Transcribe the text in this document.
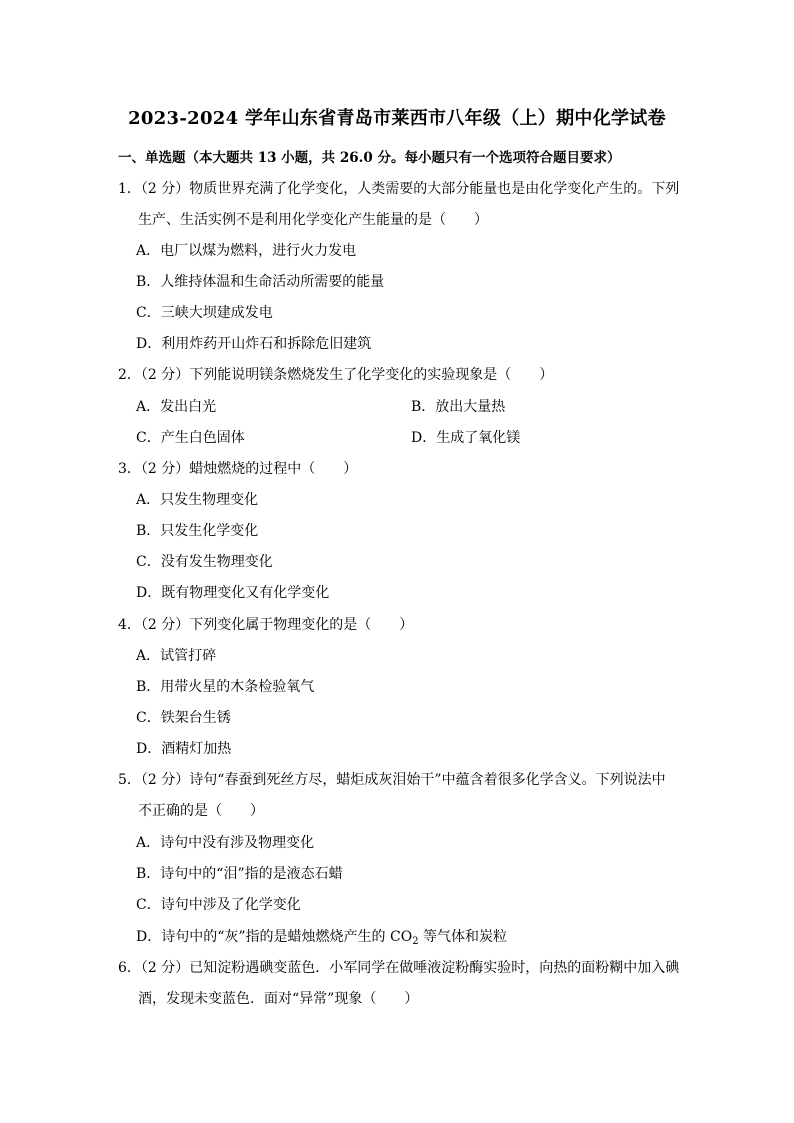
2023-2024 学年山东省青岛市莱西市八年级（上）期中化学试卷
一、单选题（本大题共 13 小题，共 26.0 分。每小题只有一个选项符合题目要求）
1．（2 分）物质世界充满了化学变化，人类需要的大部分能量也是由化学变化产生的。下列
生产、生活实例不是利用化学变化产生能量的是（　　）
A．电厂以煤为燃料，进行火力发电
B．人维持体温和生命活动所需要的能量
C．三峡大坝建成发电
D．利用炸药开山炸石和拆除危旧建筑
2．（2 分）下列能说明镁条燃烧发生了化学变化的实验现象是（　　）
A．发出白光	B．放出大量热
C．产生白色固体	D．生成了氧化镁
3．（2 分）蜡烛燃烧的过程中（　　）
A．只发生物理变化
B．只发生化学变化
C．没有发生物理变化
D．既有物理变化又有化学变化
4．（2 分）下列变化属于物理变化的是（　　）
A．试管打碎
B．用带火星的木条检验氧气
C．铁架台生锈
D．酒精灯加热
5．（2 分）诗句“春蚕到死丝方尽，蜡炬成灰泪始干”中蕴含着很多化学含义。下列说法中
不正确的是（　　）
A．诗句中没有涉及物理变化
B．诗句中的“泪”指的是液态石蜡
C．诗句中涉及了化学变化
D．诗句中的“灰”指的是蜡烛燃烧产生的 $CO_2$ 等气体和炭粒
6．（2 分）已知淀粉遇碘变蓝色．小军同学在做唾液淀粉酶实验时，向热的面粉糊中加入碘
酒，发现未变蓝色．面对“异常”现象（　　）
